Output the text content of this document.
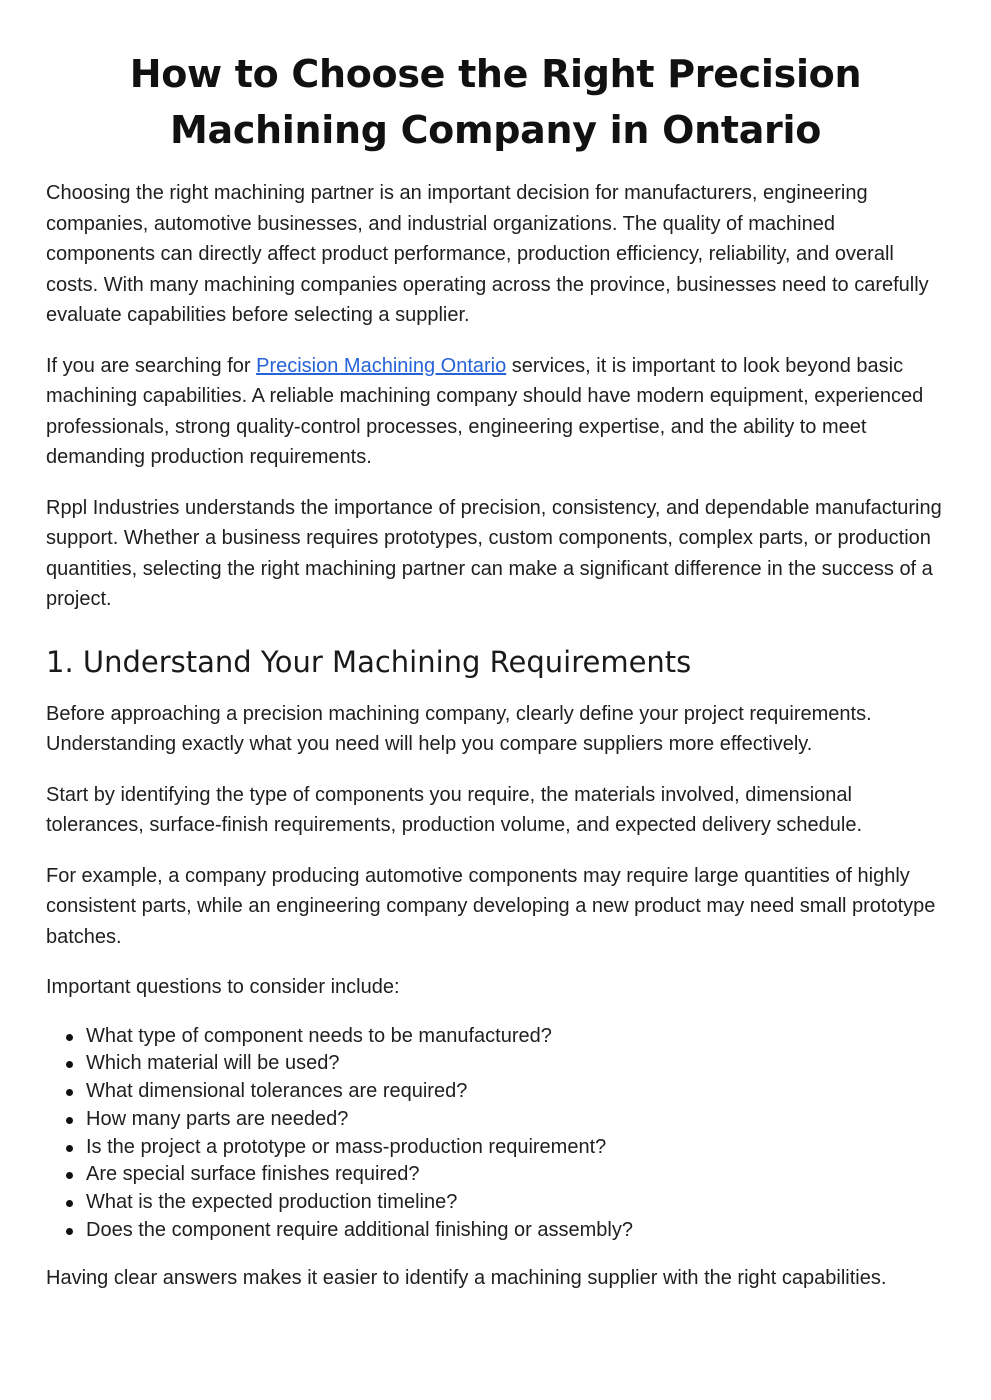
How to Choose the Right Precision Machining Company in Ontario

Choosing the right machining partner is an important decision for manufacturers, engineering companies, automotive businesses, and industrial organizations. The quality of machined components can directly affect product performance, production efficiency, reliability, and overall costs. With many machining companies operating across the province, businesses need to carefully evaluate capabilities before selecting a supplier.

If you are searching for Precision Machining Ontario services, it is important to look beyond basic machining capabilities. A reliable machining company should have modern equipment, experienced professionals, strong quality-control processes, engineering expertise, and the ability to meet demanding production requirements.

Rppl Industries understands the importance of precision, consistency, and dependable manufacturing support. Whether a business requires prototypes, custom components, complex parts, or production quantities, selecting the right machining partner can make a significant difference in the success of a project.

1. Understand Your Machining Requirements

Before approaching a precision machining company, clearly define your project requirements. Understanding exactly what you need will help you compare suppliers more effectively.

Start by identifying the type of components you require, the materials involved, dimensional tolerances, surface-finish requirements, production volume, and expected delivery schedule.

For example, a company producing automotive components may require large quantities of highly consistent parts, while an engineering company developing a new product may need small prototype batches.

Important questions to consider include:

What type of component needs to be manufactured?
Which material will be used?
What dimensional tolerances are required?
How many parts are needed?
Is the project a prototype or mass-production requirement?
Are special surface finishes required?
What is the expected production timeline?
Does the component require additional finishing or assembly?

Having clear answers makes it easier to identify a machining supplier with the right capabilities.
